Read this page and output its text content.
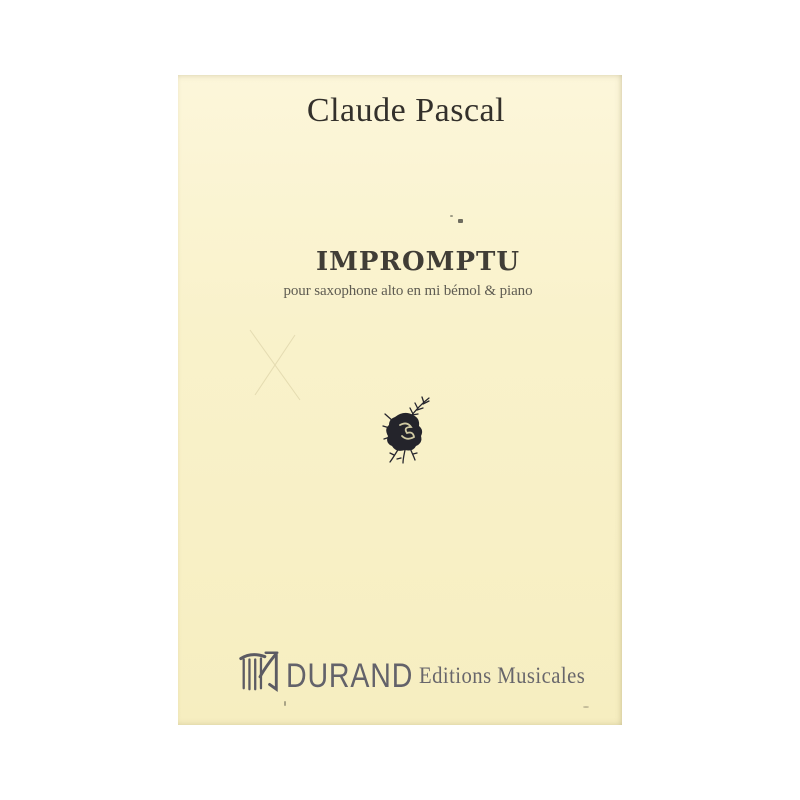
Claude Pascal
IMPROMPTU
pour saxophone alto en mi bémol & piano
DURAND Editions Musicales
